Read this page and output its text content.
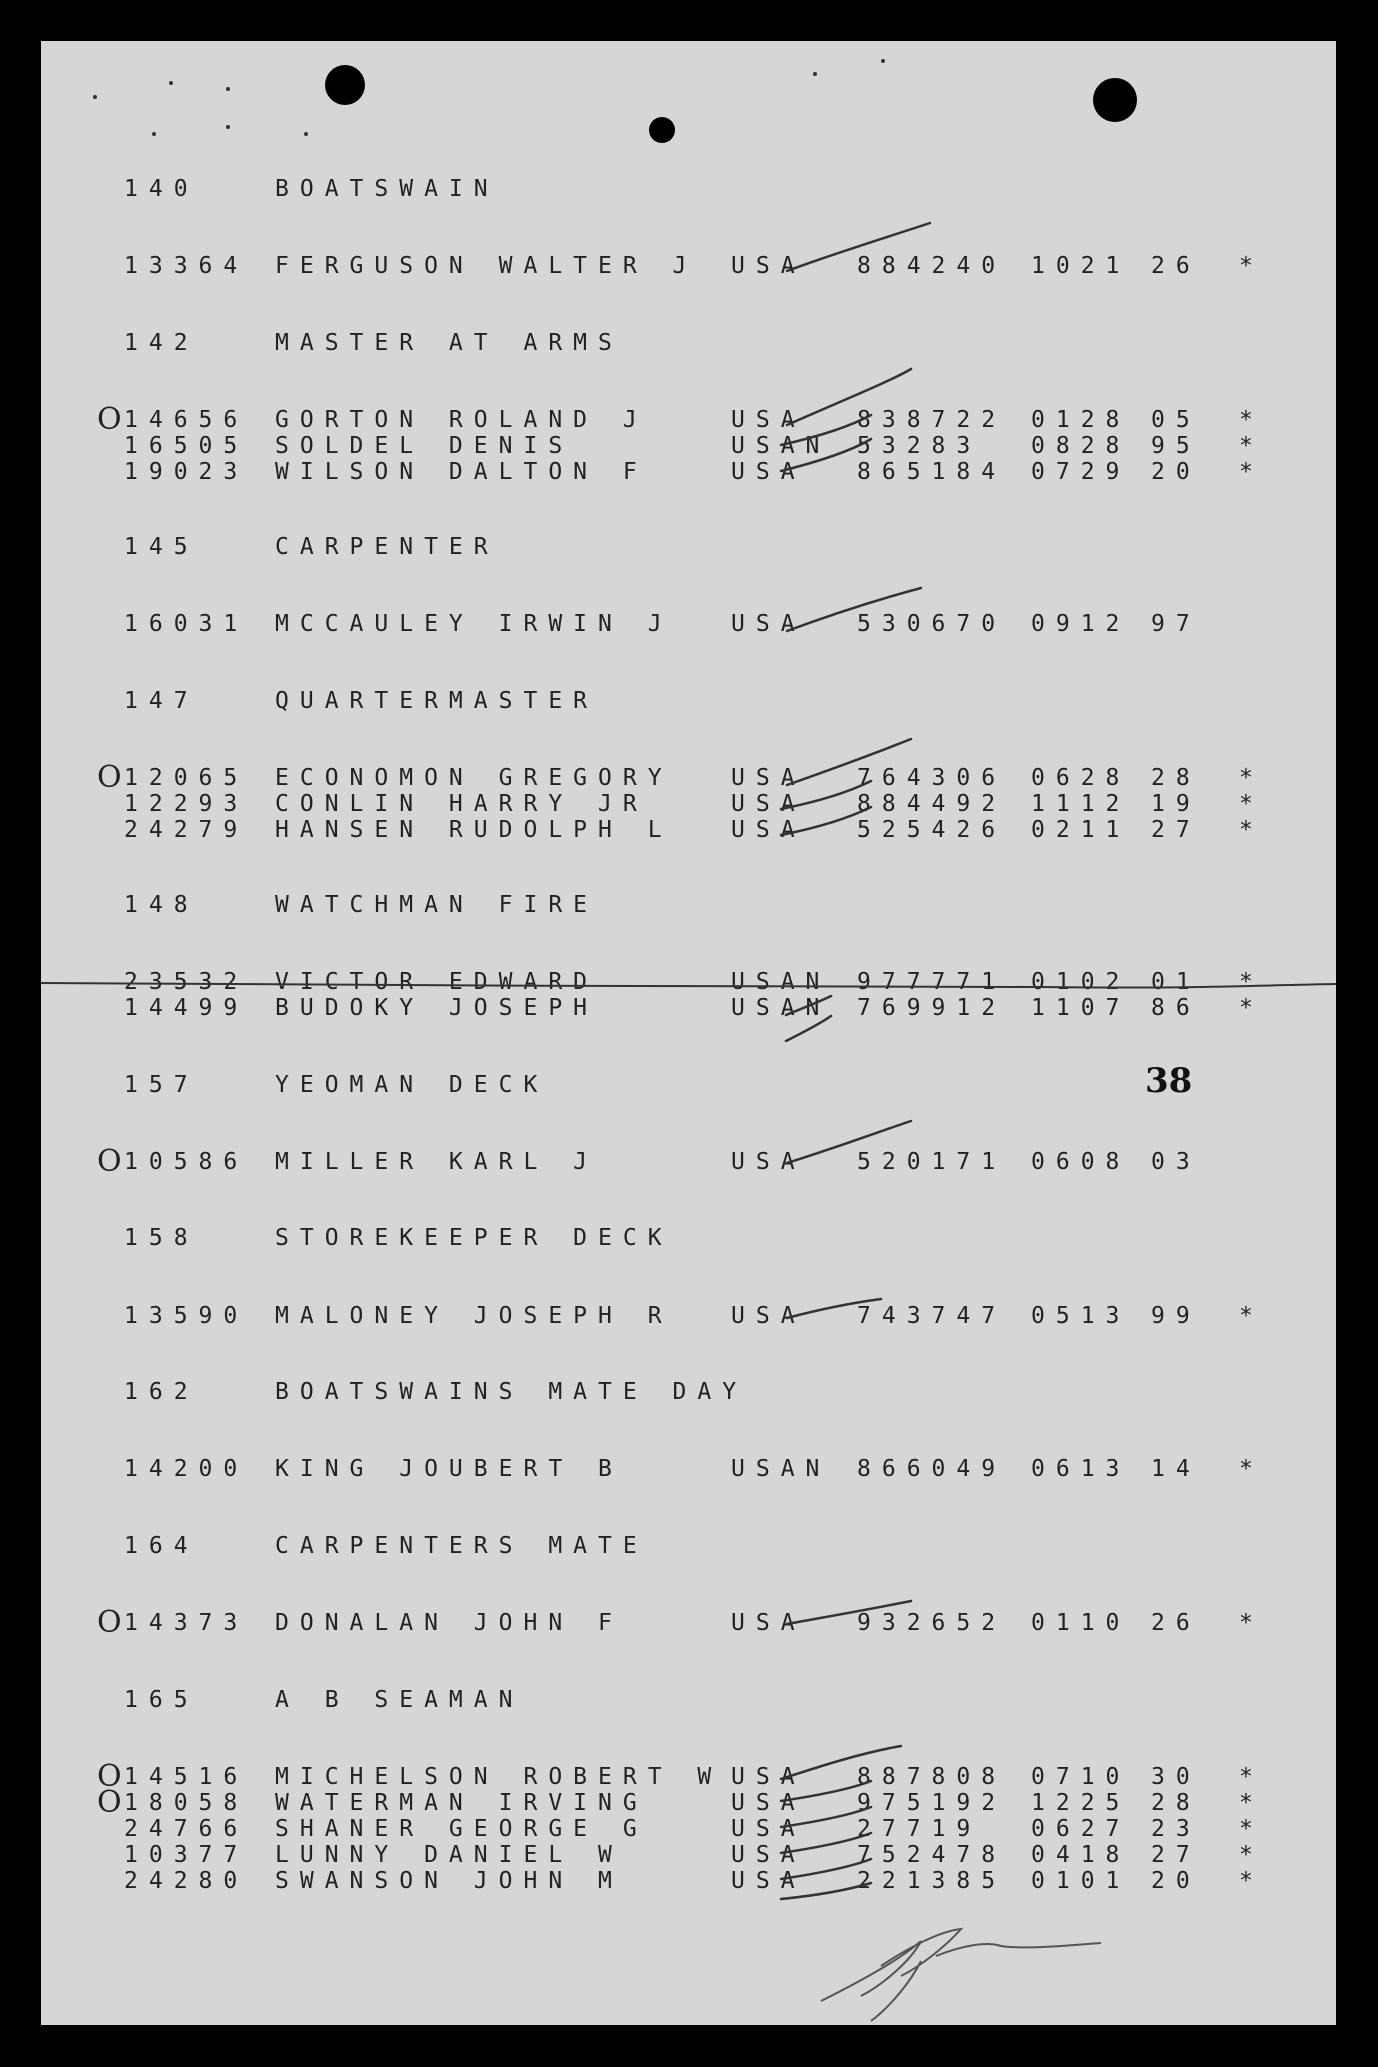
140	BOATSWAIN
13364 FERGUSON WALTER J USA 884240 1021 26 *
142	MASTER AT ARMS
O 14656 GORTON ROLAND J	USA 838722 0128 05 *
16505 SOLDEL DENIS	USAN 53283 0828 95 *
19023 WILSON DALTON F	USA 865184 0729 20 *
145	CARPENTER
16031 MCCAULEY IRWIN J	USA 530670 0912 97
147	QUARTERMASTER
O 12065 ECONOMON GREGORY	USA 764306 0628 28 *
12293 CONLIN HARRY JR	USA 884492 1112 19 *
24279 HANSEN RUDOLPH L	USA 525426 0211 27 *
148	WATCHMAN FIRE
23532 VICTOR EDWARD	USAN 977771 0102 01 *
14499 BUDOKY JOSEPH	USAN 769912 1107 86 *
157	YEOMAN DECK	38
O 10586 MILLER KARL J	USA 520171 0608 03
158	STOREKEEPER DECK
13590 MALONEY JOSEPH R	USA 743747 0513 99 *
162	BOATSWAINS MATE DAY
14200 KING JOUBERT B	USAN 866049 0613 14 *
164	CARPENTERS MATE
O 14373 DONALAN JOHN F	USA 932652 0110 26 *
165	A B SEAMAN
O 14516 MICHELSON ROBERT W USA 887808 0710 30 *
O 18058 WATERMAN IRVING	USA 975192 1225 28 *
24766 SHANER GEORGE G	USA 27719 0627 23 *
10377 LUNNY DANIEL W	USA 752478 0418 27 *
24280 SWANSON JOHN M	USA 221385 0101 20 *
